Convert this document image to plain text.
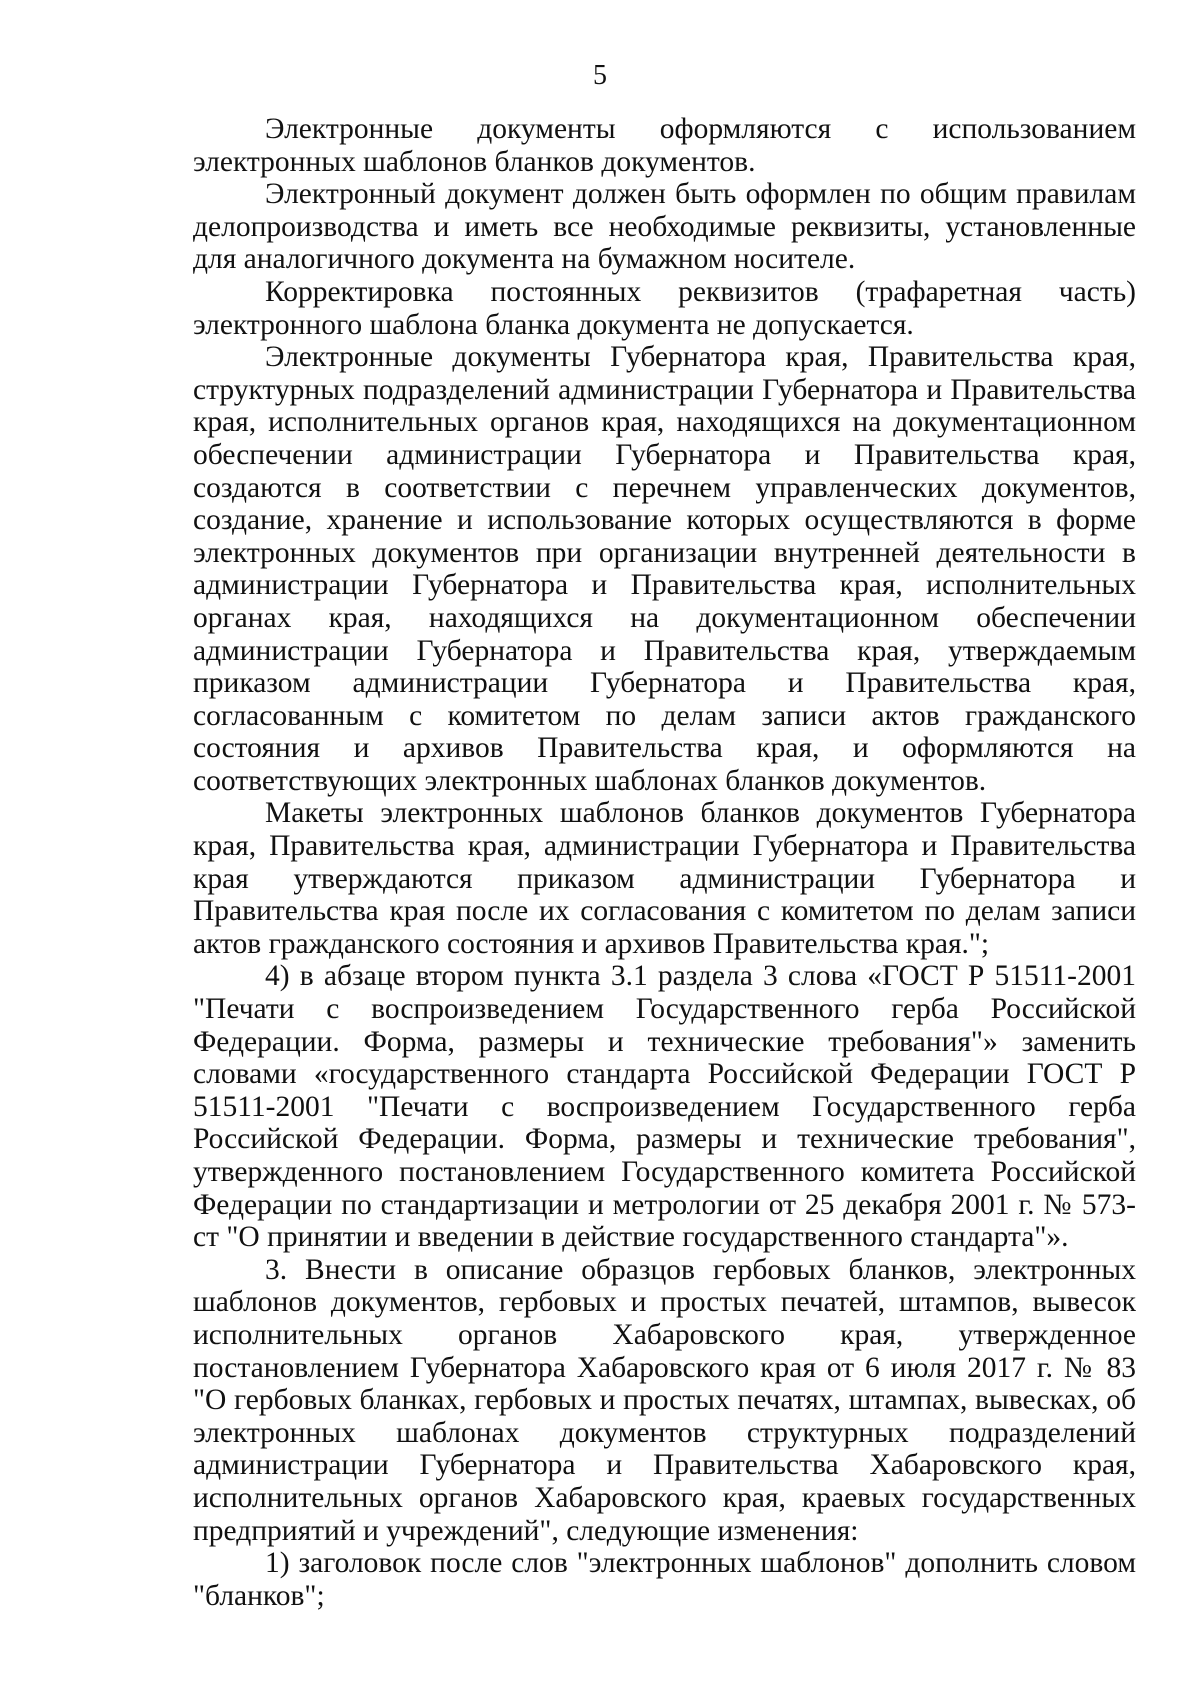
5

Электронные документы оформляются с использованием электронных шаблонов бланков документов.

Электронный документ должен быть оформлен по общим правилам делопроизводства и иметь все необходимые реквизиты, установленные для аналогичного документа на бумажном носителе.

Корректировка постоянных реквизитов (трафаретная часть) электронного шаблона бланка документа не допускается.

Электронные документы Губернатора края, Правительства края, структурных подразделений администрации Губернатора и Правительства края, исполнительных органов края, находящихся на документационном обеспечении администрации Губернатора и Правительства края, создаются в соответствии с перечнем управленческих документов, создание, хранение и использование которых осуществляются в форме электронных документов при организации внутренней деятельности в администрации Губернатора и Правительства края, исполнительных органах края, находящихся на документационном обеспечении администрации Губернатора и Правительства края, утверждаемым приказом администрации Губернатора и Правительства края, согласованным с комитетом по делам записи актов гражданского состояния и архивов Правительства края, и оформляются на соответствующих электронных шаблонах бланков документов.

Макеты электронных шаблонов бланков документов Губернатора края, Правительства края, администрации Губернатора и Правительства края утверждаются приказом администрации Губернатора и Правительства края после их согласования с комитетом по делам записи актов гражданского состояния и архивов Правительства края.";

4) в абзаце втором пункта 3.1 раздела 3 слова «ГОСТ Р 51511-2001 "Печати с воспроизведением Государственного герба Российской Федерации. Форма, размеры и технические требования"» заменить словами «государственного стандарта Российской Федерации ГОСТ Р 51511-2001 "Печати с воспроизведением Государственного герба Российской Федерации. Форма, размеры и технические требования", утвержденного постановлением Государственного комитета Российской Федерации по стандартизации и метрологии от 25 декабря 2001 г. № 573-ст "О принятии и введении в действие государственного стандарта"».

3. Внести в описание образцов гербовых бланков, электронных шаблонов документов, гербовых и простых печатей, штампов, вывесок исполнительных органов Хабаровского края, утвержденное постановлением Губернатора Хабаровского края от 6 июля 2017 г. № 83 "О гербовых бланках, гербовых и простых печатях, штампах, вывесках, об электронных шаблонах документов структурных подразделений администрации Губернатора и Правительства Хабаровского края, исполнительных органов Хабаровского края, краевых государственных предприятий и учреждений", следующие изменения:

1) заголовок после слов "электронных шаблонов" дополнить словом "бланков";
